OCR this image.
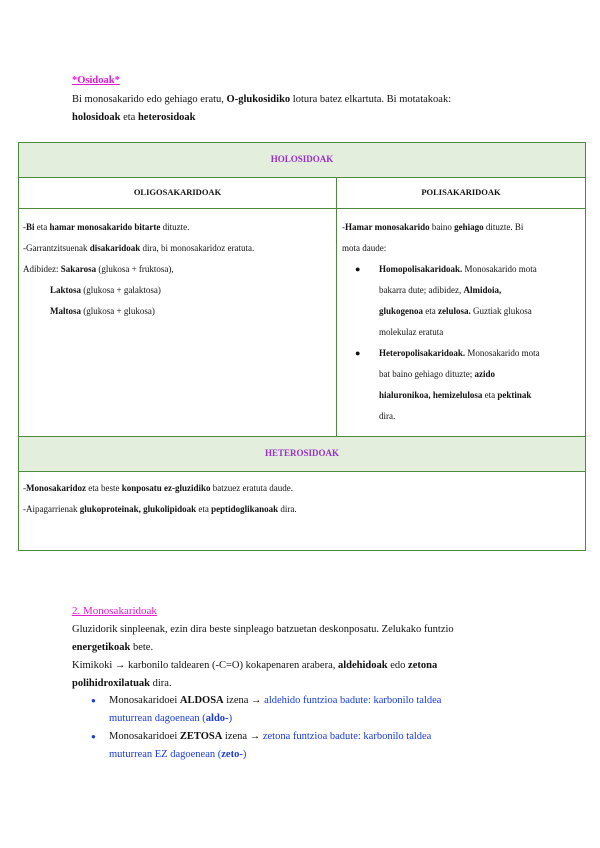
*Osidoak*
Bi monosakarido edo gehiago eratu, O-glukosidiko lotura batez elkartuta. Bi motatakoak:
holosidoak eta heterosidoak
HOLOSIDOAK
OLIGOSAKARIDOAK	POLISAKARIDOAK
-Bi eta hamar monosakarido bitarte dituzte.
-Garrantzitsuenak disakaridoak dira, bi monosakaridoz eratuta.
Adibidez: Sakarosa (glukosa + fruktosa),
Laktosa (glukosa + galaktosa)
Maltosa (glukosa + glukosa)
-Hamar monosakarido baino gehiago dituzte. Bi
mota daude:
● Homopolisakaridoak. Monosakarido mota
bakarra dute; adibidez, Almidoia,
glukogenoa eta zelulosa. Guztiak glukosa
molekulaz eratuta
● Heteropolisakaridoak. Monosakarido mota
bat baino gehiago dituzte; azido
hialuronikoa, hemizelulosa eta pektinak
dira.
HETEROSIDOAK
-Monosakaridoz eta beste konposatu ez-gluzidiko batzuez eratuta daude.
-Aipagarrienak glukoproteinak, glukolipidoak eta peptidoglikanoak dira.
2. Monosakaridoak
Gluzidorik sinpleenak, ezin dira beste sinpleago batzuetan deskonposatu. Zelukako funtzio
energetikoak bete.
Kimikoki → karbonilo taldearen (-C=O) kokapenaren arabera, aldehidoak edo zetona
polihidroxilatuak dira.
● Monosakaridoei ALDOSA izena → aldehido funtzioa badute: karbonilo taldea
muturrean dagoenean (aldo-)
● Monosakaridoei ZETOSA izena → zetona funtzioa badute: karbonilo taldea
muturrean EZ dagoenean (zeto-)
